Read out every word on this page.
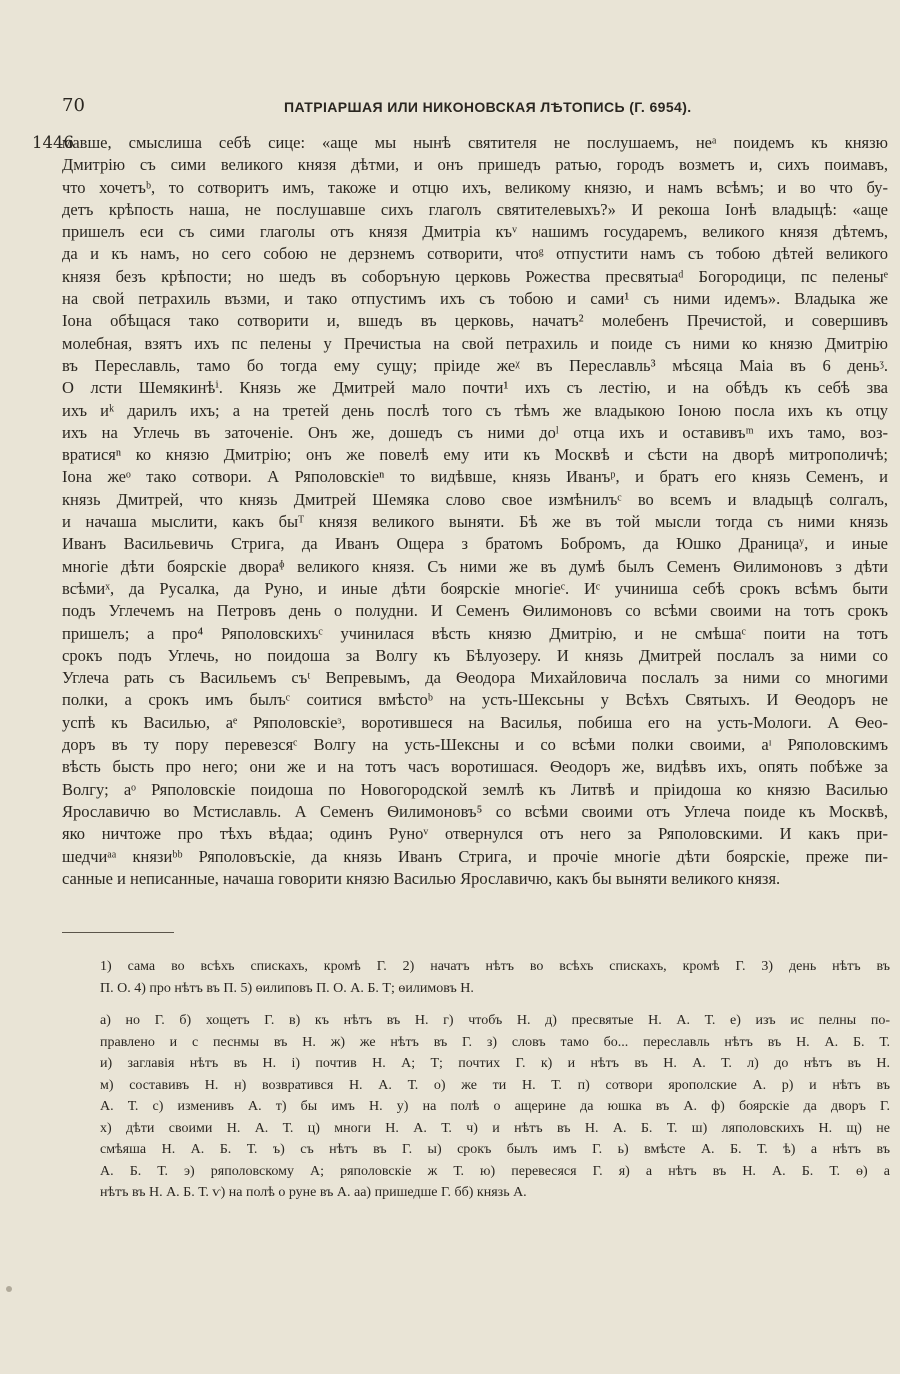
70	ПАТРІАРШАЯ ИЛИ НИКОНОВСКАЯ ЛѢТОПИСЬ (Г. 6954).
1446
мавше, смыслиша себѣ сице: «аще мы нынѣ святителя не послушаемъ, неᵃ поидемъ къ князю
Дмитрію съ сими великого князя дѣтми, и онъ пришедъ ратью, городъ возметъ и, сихъ поимавъ,
что хочетъᵇ, то сотворитъ имъ, такоже и отцю ихъ, великому князю, и намъ всѣмъ; и во что бу-
детъ крѣпость наша, не послушавше сихъ глаголъ святителевыхъ?» И рекоша Іонѣ владыцѣ: «аще
пришелъ еси съ сими глаголы отъ князя Дмитріа къᵛ нашимъ государемъ, великого князя дѣтемъ,
да и къ намъ, но сего собою не дерзнемъ сотворити, чтоᵍ отпустити намъ съ тобою дѣтей великого
князя безъ крѣпости; но шедъ въ соборъную церковь Рожества пресвятыаᵈ Богородици, пс пеленыᵉ
на свой петрахиль възми, и тако отпустимъ ихъ съ тобою и сами¹ съ ними идемъ». Владыка же
Іона обѣщася тако сотворити и, вшедъ въ церковь, начатъ² молебенъ Пречистой, и совершивъ
молебная, взятъ ихъ пс пелены у Пречистыа на свой петрахиль и поиде съ ними ко князю Дмитрію
въ Переславль, тамо бо тогда ему сущу; пріиде жеᵡ въ Переславль³ мѣсяца Маіа въ 6 деньᶾ.
О лсти Шемякинѣⁱ. Князь же Дмитрей мало почти¹ ихъ съ лестію, и на обѣдъ къ себѣ зва
ихъ иᵏ дарилъ ихъ; а на третей день послѣ того съ тѣмъ же владыкою Іоною посла ихъ къ отцу
ихъ на Углечь въ заточеніе. Онъ же, дошедъ съ ними доˡ отца ихъ и оставивъᵐ ихъ тамо, воз-
вратисяⁿ ко князю Дмитрію; онъ же повелѣ ему ити къ Москвѣ и сѣсти на дворѣ митрополичѣ;
Іона жеᵒ тако сотвори. А Ряполовскіеⁿ то видѣвше, князь Иванъᵖ, и братъ его князь Семенъ, и
князь Дмитрей, что князь Дмитрей Шемяка слово свое измѣнилъᶜ во всемъ и владыцѣ солгалъ,
и начаша мыслити, какъ быᵀ князя великого выняти. Бѣ же въ той мысли тогда съ ними князь
Иванъ Васильевичь Стрига, да Иванъ Ощера з братомъ Бобромъ, да Юшко Драницаʸ, и иные
многіе дѣти боярскіе двораᶲ великого князя. Съ ними же въ думѣ былъ Семенъ Ѳилимоновъ з дѣти
всѣмиˣ, да Русалка, да Руно, и иные дѣти боярскіе многіеᶜ. Иᶜ учиниша себѣ срокъ всѣмъ быти
подъ Углечемъ на Петровъ день о полудни. И Семенъ Ѳилимоновъ со всѣми своими на тотъ срокъ
пришелъ; а про⁴ Ряполовскихъᶜ учинилася вѣсть князю Дмитрію, и не смѣшаᶜ поити на тотъ
срокъ подъ Углечь, но поидоша за Волгу къ Бѣлуозеру. И князь Дмитрей послалъ за ними со
Углеча рать съ Васильемъ съᵗ Вепревымъ, да Ѳеодора Михайловича послалъ за ними со многими
полки, а срокъ имъ былъᶜ соитися вмѣстоᵇ на усть-Шексьны у Всѣхъ Святыхъ. И Ѳеодоръ не
успѣ къ Василью, аᵉ Ряполовскіеᵌ, воротившеся на Василья, побиша его на усть-Мологи. А Ѳео-
доръ въ ту пору перевезсяᶜ Волгу на усть-Шексны и со всѣми полки своими, аᶦ Ряполовскимъ
вѣсть бысть про него; они же и на тотъ часъ воротишася. Ѳеодоръ же, видѣвъ ихъ, опять побѣже за
Волгу; аᵒ Ряполовскіе поидоша по Новогородской землѣ къ Литвѣ и пріидоша ко князю Василью
Ярославичю во Мстиславль. А Семенъ Ѳилимоновъ⁵ со всѣми своими отъ Углеча поиде къ Москвѣ,
яко ничтоже про тѣхъ вѣдаа; одинъ Руноᵛ отвернулся отъ него за Ряполовскими. И какъ при-
шедчиᵃᵃ князиᵇᵇ Ряполовъскіе, да князь Иванъ Стрига, и прочіе многіе дѣти боярскіе, преже пи-
санные и неписанные, начаша говорити князю Василью Ярославичю, какъ бы выняти великого князя.
1) сама во всѣхъ спискахъ, кромѣ Г. 2) начатъ нѣтъ во всѣхъ спискахъ, кромѣ Г. 3) день нѣтъ въ
П. О. 4) про нѣтъ въ П. 5) ѳилиповъ П. О. А. Б. Т; ѳилимовъ Н.
а) но Г. б) хощетъ Г. в) къ нѣтъ въ Н. г) чтобъ Н. д) пресвятые Н. А. Т. е) изъ ис пелны по-
правлено и с песнмы въ Н. ж) же нѣтъ въ Г. з) словъ тамо бо... переславль нѣтъ въ Н. А. Б. Т.
и) заглавія нѣтъ въ Н. і) почтив Н. А; Т; почтих Г. к) и нѣтъ въ Н. А. Т. л) до нѣтъ въ Н.
м) составивъ Н. н) возвратився Н. А. Т. о) же ти Н. Т. п) сотвори ярополские А. р) и нѣтъ въ
А. Т. с) изменивъ А. т) бы имъ Н. у) на полѣ о ащерине да юшка въ А. ф) боярскіе да дворъ Г.
х) дѣти своими Н. А. Т. ц) многи Н. А. Т. ч) и нѣтъ въ Н. А. Б. Т. ш) ляполовскихъ Н. щ) не
смѣяша Н. А. Б. Т. ъ) съ нѣтъ въ Г. ы) срокъ былъ имъ Г. ь) вмѣсте А. Б. Т. ѣ) а нѣтъ въ
А. Б. Т. э) ряполовскому А; ряполовскіе ж Т. ю) перевесяся Г. я) а нѣтъ въ Н. А. Б. Т. ѳ) а
нѣтъ въ Н. А. Б. Т. ѵ) на полѣ о руне въ А. аа) пришедше Г. бб) князь А.
